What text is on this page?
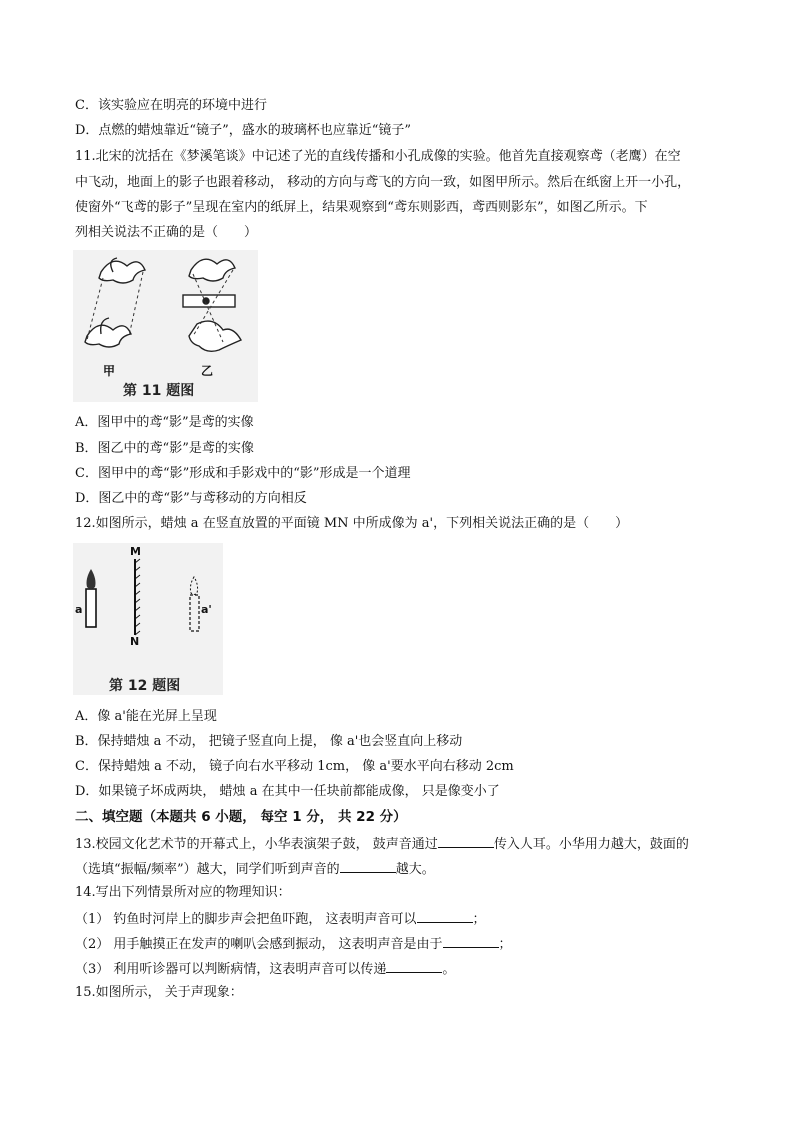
C．该实验应在明亮的环境中进行
D．点燃的蜡烛靠近“镜子”，盛水的玻璃杯也应靠近“镜子”
11.北宋的沈括在《梦溪笔谈》中记述了光的直线传播和小孔成像的实验。他首先直接观察鸢（老鹰）在空
中飞动，地面上的影子也跟着移动， 移动的方向与鸢飞的方向一致，如图甲所示。然后在纸窗上开一小孔，
使窗外“飞鸢的影子”呈现在室内的纸屏上，结果观察到“鸢东则影西，鸢西则影东”，如图乙所示。下
列相关说法不正确的是（　　）
甲	乙
第 11 题图
A．图甲中的鸢“影”是鸢的实像
B．图乙中的鸢“影”是鸢的实像
C．图甲中的鸢“影”形成和手影戏中的“影”形成是一个道理
D．图乙中的鸢“影”与鸢移动的方向相反
12.如图所示，蜡烛 a 在竖直放置的平面镜 MN 中所成像为 a'，下列相关说法正确的是（　　）
M
N
a	a'
第 12 题图
A．像 a'能在光屏上呈现
B．保持蜡烛 a 不动， 把镜子竖直向上提， 像 a'也会竖直向上移动
C．保持蜡烛 a 不动， 镜子向右水平移动 1cm， 像 a'要水平向右移动 2cm
D．如果镜子坏成两块， 蜡烛 a 在其中一任块前都能成像， 只是像变小了
二、填空题（本题共 6 小题， 每空 1 分， 共 22 分）
13.校园文化艺术节的开幕式上，小华表演架子鼓， 鼓声音通过	传入人耳。小华用力越大，鼓面的
（选填“振幅/频率”）越大，同学们听到声音的	越大。
14.写出下列情景所对应的物理知识：
（1） 钓鱼时河岸上的脚步声会把鱼吓跑， 这表明声音可以	；
（2） 用手触摸正在发声的喇叭会感到振动， 这表明声音是由于	；
（3） 利用听诊器可以判断病情，这表明声音可以传递	。
15.如图所示， 关于声现象：
